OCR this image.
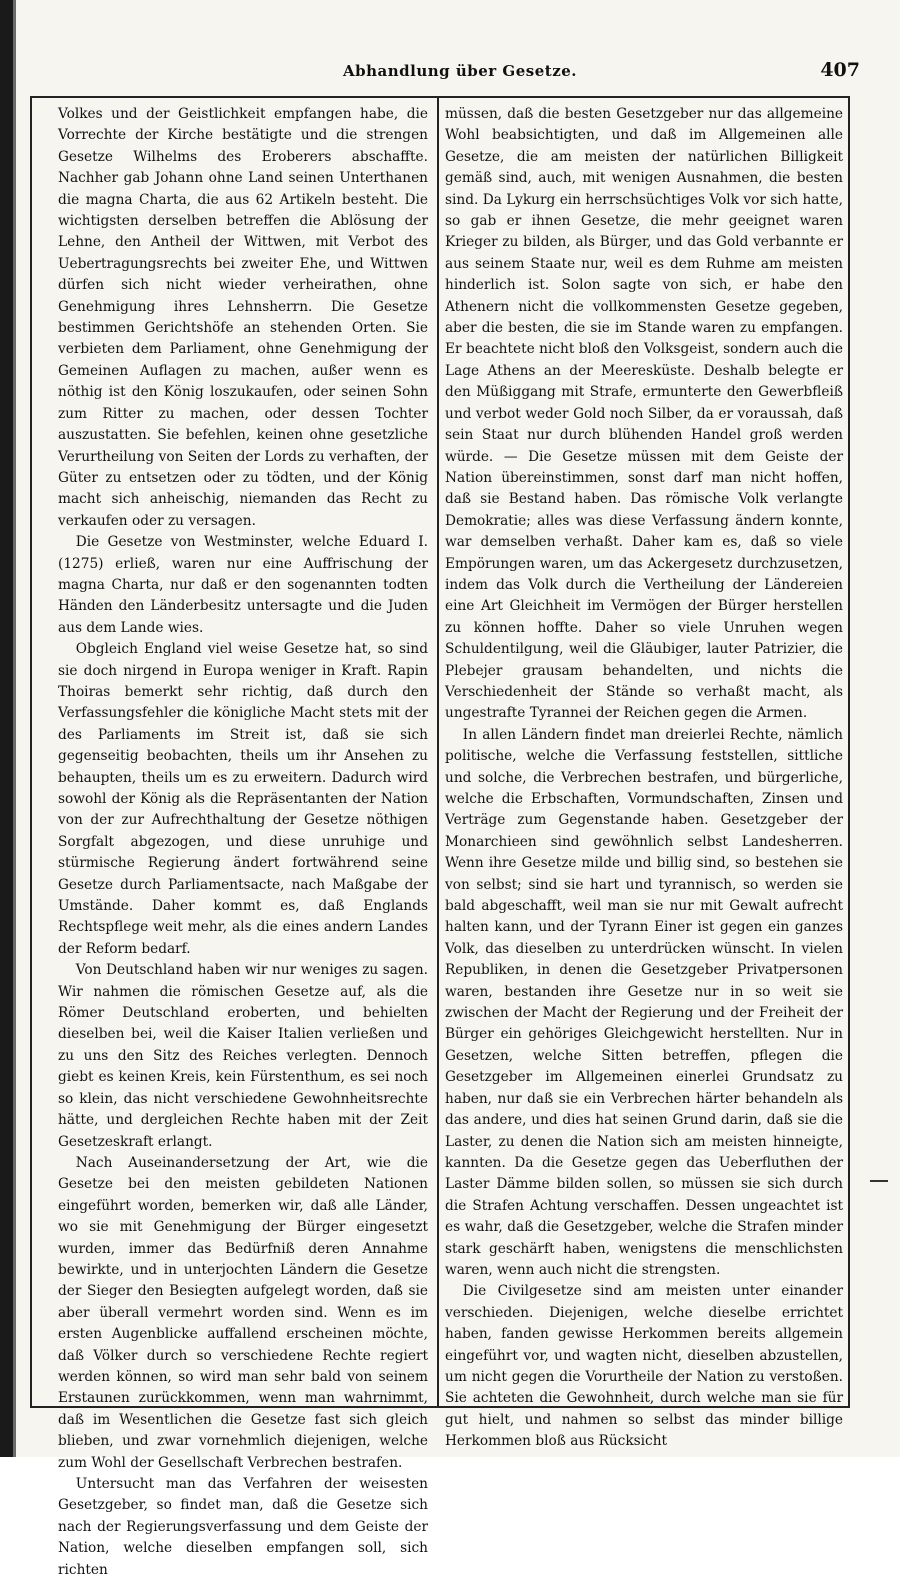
Abhandlung über Gesetze.	407

Volkes und der Geistlichkeit empfangen habe, die Vorrechte der Kirche bestätigte und die strengen Gesetze Wilhelms des Eroberers abschaffte. Nachher gab Johann ohne Land seinen Unterthanen die magna Charta, die aus 62 Artikeln besteht. Die wichtigsten derselben betreffen die Ablösung der Lehne, den Antheil der Wittwen, mit Verbot des Uebertragungsrechts bei zweiter Ehe, und Wittwen dürfen sich nicht wieder verheirathen, ohne Genehmigung ihres Lehnsherrn. Die Gesetze bestimmen Gerichtshöfe an stehenden Orten. Sie verbieten dem Parliament, ohne Genehmigung der Gemeinen Auflagen zu machen, außer wenn es nöthig ist den König loszukaufen, oder seinen Sohn zum Ritter zu machen, oder dessen Tochter auszustatten. Sie befehlen, keinen ohne gesetzliche Verurtheilung von Seiten der Lords zu verhaften, der Güter zu entsetzen oder zu tödten, und der König macht sich anheischig, niemanden das Recht zu verkaufen oder zu versagen.

Die Gesetze von Westminster, welche Eduard I. (1275) erließ, waren nur eine Auffrischung der magna Charta, nur daß er den sogenannten todten Händen den Länderbesitz untersagte und die Juden aus dem Lande wies.

Obgleich England viel weise Gesetze hat, so sind sie doch nirgend in Europa weniger in Kraft. Rapin Thoiras bemerkt sehr richtig, daß durch den Verfassungsfehler die königliche Macht stets mit der des Parliaments im Streit ist, daß sie sich gegenseitig beobachten, theils um ihr Ansehen zu behaupten, theils um es zu erweitern. Dadurch wird sowohl der König als die Repräsentanten der Nation von der zur Aufrechthaltung der Gesetze nöthigen Sorgfalt abgezogen, und diese unruhige und stürmische Regierung ändert fortwährend seine Gesetze durch Parliamentsacte, nach Maßgabe der Umstände. Daher kommt es, daß Englands Rechtspflege weit mehr, als die eines andern Landes der Reform bedarf.

Von Deutschland haben wir nur weniges zu sagen. Wir nahmen die römischen Gesetze auf, als die Römer Deutschland eroberten, und behielten dieselben bei, weil die Kaiser Italien verließen und zu uns den Sitz des Reiches verlegten. Dennoch giebt es keinen Kreis, kein Fürstenthum, es sei noch so klein, das nicht verschiedene Gewohnheitsrechte hätte, und dergleichen Rechte haben mit der Zeit Gesetzeskraft erlangt.

Nach Auseinandersetzung der Art, wie die Gesetze bei den meisten gebildeten Nationen eingeführt worden, bemerken wir, daß alle Länder, wo sie mit Genehmigung der Bürger eingesetzt wurden, immer das Bedürfniß deren Annahme bewirkte, und in unterjochten Ländern die Gesetze der Sieger den Besiegten aufgelegt worden, daß sie aber überall vermehrt worden sind. Wenn es im ersten Augenblicke auffallend erscheinen möchte, daß Völker durch so verschiedene Rechte regiert werden können, so wird man sehr bald von seinem Erstaunen zurückkommen, wenn man wahrnimmt, daß im Wesentlichen die Gesetze fast sich gleich blieben, und zwar vornehmlich diejenigen, welche zum Wohl der Gesellschaft Verbrechen bestrafen.

Untersucht man das Verfahren der weisesten Gesetzgeber, so findet man, daß die Gesetze sich nach der Regierungsverfassung und dem Geiste der Nation, welche dieselben empfangen soll, sich richten

müssen, daß die besten Gesetzgeber nur das allgemeine Wohl beabsichtigten, und daß im Allgemeinen alle Gesetze, die am meisten der natürlichen Billigkeit gemäß sind, auch, mit wenigen Ausnahmen, die besten sind. Da Lykurg ein herrschsüchtiges Volk vor sich hatte, so gab er ihnen Gesetze, die mehr geeignet waren Krieger zu bilden, als Bürger, und das Gold verbannte er aus seinem Staate nur, weil es dem Ruhme am meisten hinderlich ist. Solon sagte von sich, er habe den Athenern nicht die vollkommensten Gesetze gegeben, aber die besten, die sie im Stande waren zu empfangen. Er beachtete nicht bloß den Volksgeist, sondern auch die Lage Athens an der Meeresküste. Deshalb belegte er den Müßiggang mit Strafe, ermunterte den Gewerbfleiß und verbot weder Gold noch Silber, da er voraussah, daß sein Staat nur durch blühenden Handel groß werden würde. — Die Gesetze müssen mit dem Geiste der Nation übereinstimmen, sonst darf man nicht hoffen, daß sie Bestand haben. Das römische Volk verlangte Demokratie; alles was diese Verfassung ändern konnte, war demselben verhaßt. Daher kam es, daß so viele Empörungen waren, um das Ackergesetz durchzusetzen, indem das Volk durch die Vertheilung der Ländereien eine Art Gleichheit im Vermögen der Bürger herstellen zu können hoffte. Daher so viele Unruhen wegen Schuldentilgung, weil die Gläubiger, lauter Patrizier, die Plebejer grausam behandelten, und nichts die Verschiedenheit der Stände so verhaßt macht, als ungestrafte Tyrannei der Reichen gegen die Armen.

In allen Ländern findet man dreierlei Rechte, nämlich politische, welche die Verfassung feststellen, sittliche und solche, die Verbrechen bestrafen, und bürgerliche, welche die Erbschaften, Vormundschaften, Zinsen und Verträge zum Gegenstande haben. Gesetzgeber der Monarchieen sind gewöhnlich selbst Landesherren. Wenn ihre Gesetze milde und billig sind, so bestehen sie von selbst; sind sie hart und tyrannisch, so werden sie bald abgeschafft, weil man sie nur mit Gewalt aufrecht halten kann, und der Tyrann Einer ist gegen ein ganzes Volk, das dieselben zu unterdrücken wünscht. In vielen Republiken, in denen die Gesetzgeber Privatpersonen waren, bestanden ihre Gesetze nur in so weit sie zwischen der Macht der Regierung und der Freiheit der Bürger ein gehöriges Gleichgewicht herstellten. Nur in Gesetzen, welche Sitten betreffen, pflegen die Gesetzgeber im Allgemeinen einerlei Grundsatz zu haben, nur daß sie ein Verbrechen härter behandeln als das andere, und dies hat seinen Grund darin, daß sie die Laster, zu denen die Nation sich am meisten hinneigte, kannten. Da die Gesetze gegen das Ueberfluthen der Laster Dämme bilden sollen, so müssen sie sich durch die Strafen Achtung verschaffen. Dessen ungeachtet ist es wahr, daß die Gesetzgeber, welche die Strafen minder stark geschärft haben, wenigstens die menschlichsten waren, wenn auch nicht die strengsten.

Die Civilgesetze sind am meisten unter einander verschieden. Diejenigen, welche dieselbe errichtet haben, fanden gewisse Herkommen bereits allgemein eingeführt vor, und wagten nicht, dieselben abzustellen, um nicht gegen die Vorurtheile der Nation zu verstoßen. Sie achteten die Gewohnheit, durch welche man sie für gut hielt, und nahmen so selbst das minder billige Herkommen bloß aus Rücksicht
